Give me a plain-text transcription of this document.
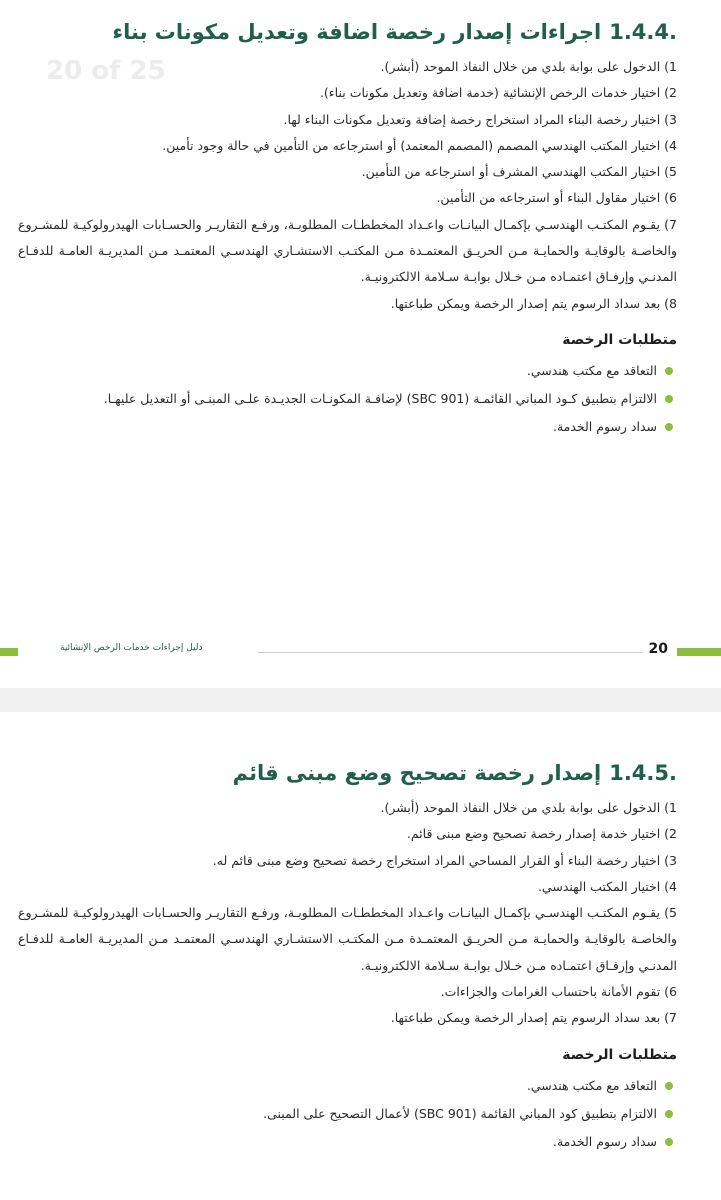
20 of 25
.1.4.4اجراءات إصدار رخصة اضافة وتعديل مكونات بناء

1) الدخول على بوابة بلدي من خلال النفاذ الموحد (أبشر).

2) اختيار خدمات الرخص الإنشائية (خدمة اضافة وتعديل مكونات بناء).

3) اختيار رخصة البناء المراد استخراج رخصة إضافة وتعديل مكونات البناء لها.

4) اختيار المكتب الهندسي المصمم (المصمم المعتمد) أو استرجاعه من التأمين في حالة وجود تأمين.

5) اختيار المكتب الهندسي المشرف أو استرجاعه من التأمين.

6) اختيار مقاول البناء أو استرجاعه من التأمين.

7) يقـوم المكتـب الهندسـي بإكمـال البيانـات واعـداد المخططـات المطلوبـة، ورفـع التقاريـر والحسـابات الهيدرولوكيـة للمشـروع والخاصـة بالوقايـة والحمايـة مـن الحريـق المعتمـدة مـن المكتـب الاستشـاري الهندسـي المعتمـد مـن المديريـة العامـة للدفـاع المدنـي وإرفـاق اعتمـاده مـن خـلال بوابـة سـلامة الالكترونيـة.

8) بعد سداد الرسوم يتم إصدار الرخصة ويمكن طباعتها.

متطلبات الرخصة

التعاقد مع مكتب هندسي.

الالتزام بتطبيق كـود المباني القائمـة (SBC 901) لإضافـة المكونـات الجديـدة علـى المبنـى أو التعديل عليهـا.

سداد رسوم الخدمة.

دليل إجراءات خدمات الرخص الإنشائية	20
.1.4.5إصدار رخصة تصحيح وضع مبنى قائم

1) الدخول على بوابة بلدي من خلال النفاذ الموحد (أبشر).

2) اختيار خدمة إصدار رخصة تصحيح وضع مبنى قائم.

3) اختيار رخصة البناء أو القرار المساحي المراد استخراج رخصة تصحيح وضع مبنى قائم له.

4) اختيار المكتب الهندسي.

5) يقـوم المكتـب الهندسـي بإكمـال البيانـات واعـداد المخططـات المطلوبـة، ورفـع التقاريـر والحسـابات الهيدرولوكيـة للمشـروع والخاصـة بالوقايـة والحمايـة مـن الحريـق المعتمـدة مـن المكتـب الاستشـاري الهندسـي المعتمـد مـن المديريـة العامـة للدفـاع المدنـي وإرفـاق اعتمـاده مـن خـلال بوابـة سـلامة الالكترونيـة.

6) تقوم الأمانة باحتساب الغرامات والجزاءات.

7) بعد سداد الرسوم يتم إصدار الرخصة ويمكن طباعتها.

متطلبات الرخصة

التعاقد مع مكتب هندسي.

الالتزام بتطبيق كود المباني القائمة (SBC 901) لأعمال التصحيح على المبنى.

سداد رسوم الخدمة.
